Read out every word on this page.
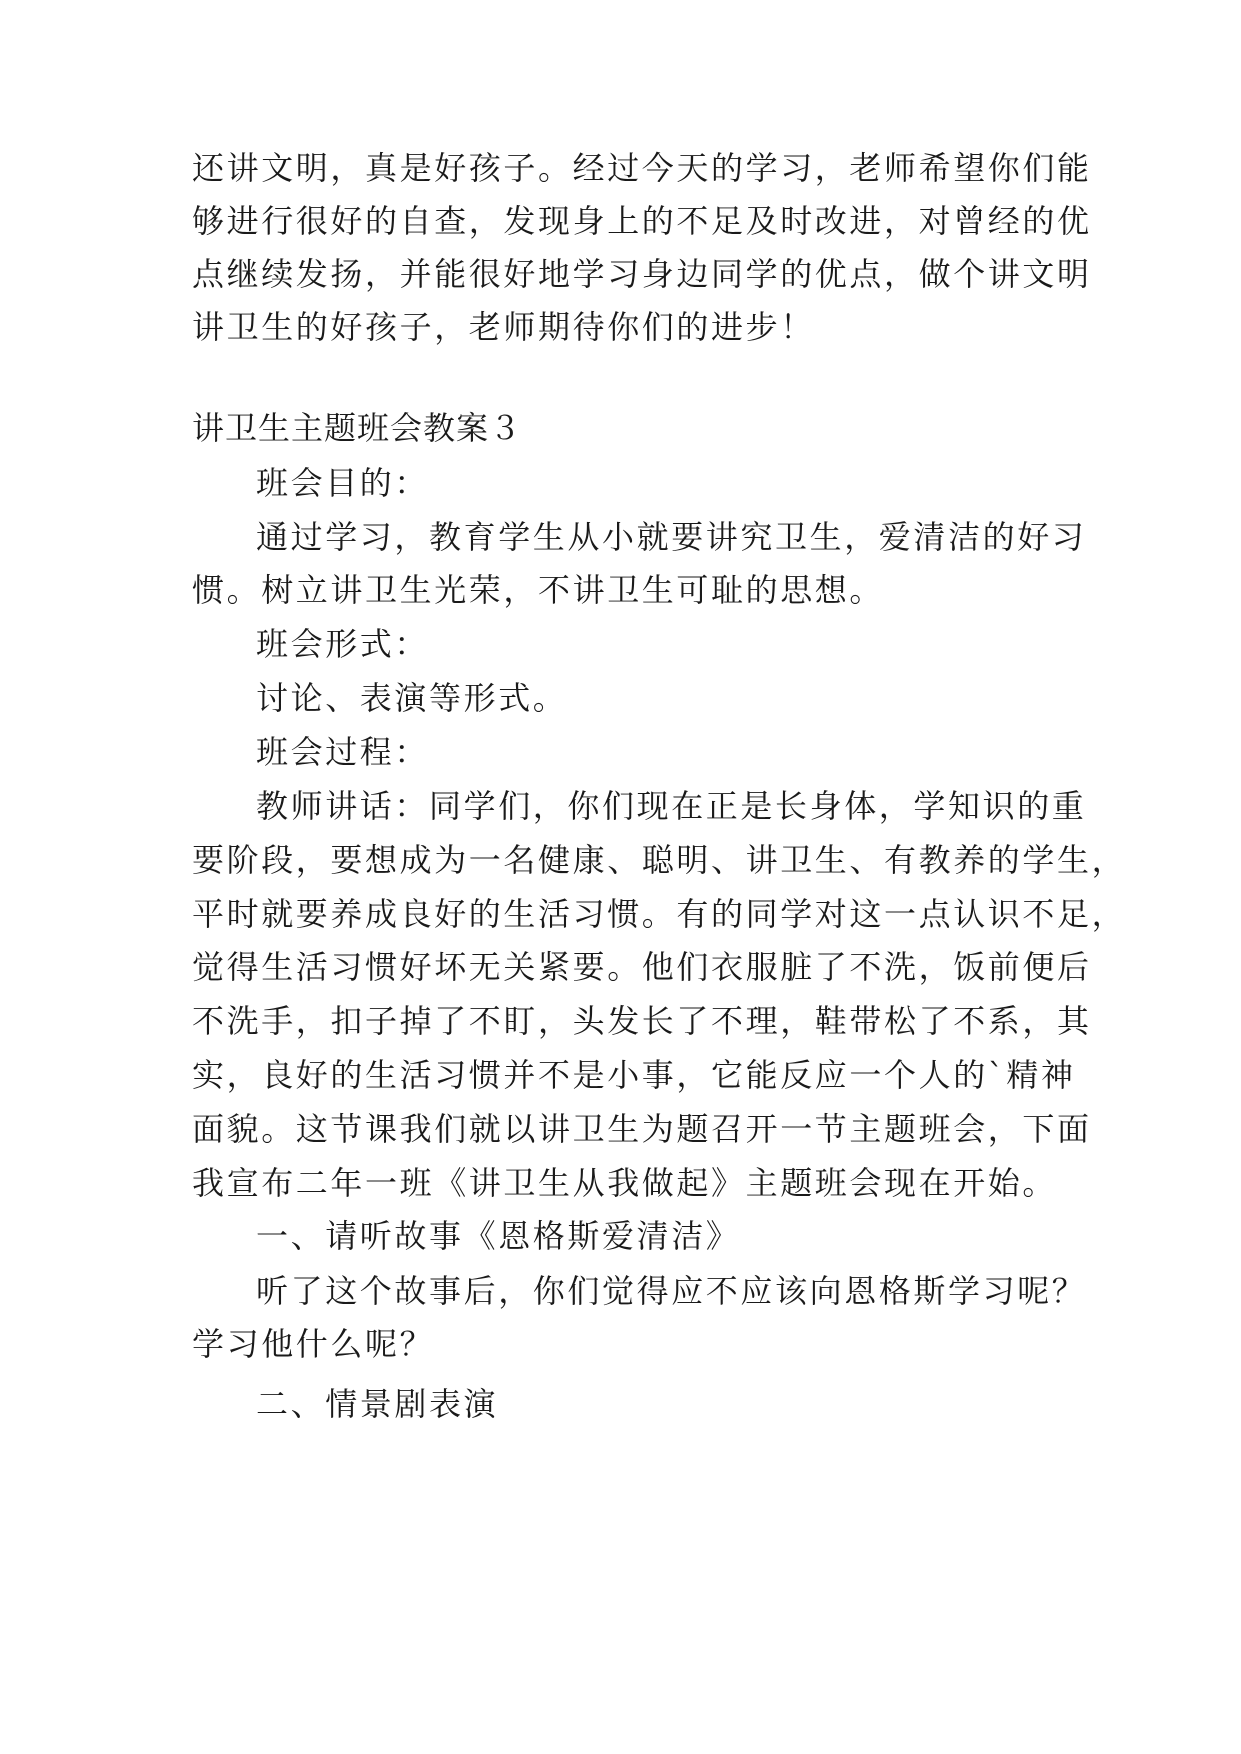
还讲文明，真是好孩子。经过今天的学习，老师希望你们能
够进行很好的自查，发现身上的不足及时改进，对曾经的优
点继续发扬，并能很好地学习身边同学的优点，做个讲文明
讲卫生的好孩子，老师期待你们的进步！
讲卫生主题班会教案３
班会目的：
通过学习，教育学生从小就要讲究卫生，爱清洁的好习
惯。树立讲卫生光荣，不讲卫生可耻的思想。
班会形式：
讨论、表演等形式。
班会过程：
教师讲话：同学们，你们现在正是长身体，学知识的重
要阶段，要想成为一名健康、聪明、讲卫生、有教养的学生，
平时就要养成良好的生活习惯。有的同学对这一点认识不足，
觉得生活习惯好坏无关紧要。他们衣服脏了不洗，饭前便后
不洗手，扣子掉了不盯，头发长了不理，鞋带松了不系，其
实，良好的生活习惯并不是小事，它能反应一个人的`精神
面貌。这节课我们就以讲卫生为题召开一节主题班会，下面
我宣布二年一班《讲卫生从我做起》主题班会现在开始。
一、请听故事《恩格斯爱清洁》
听了这个故事后，你们觉得应不应该向恩格斯学习呢？
学习他什么呢？
二、情景剧表演
